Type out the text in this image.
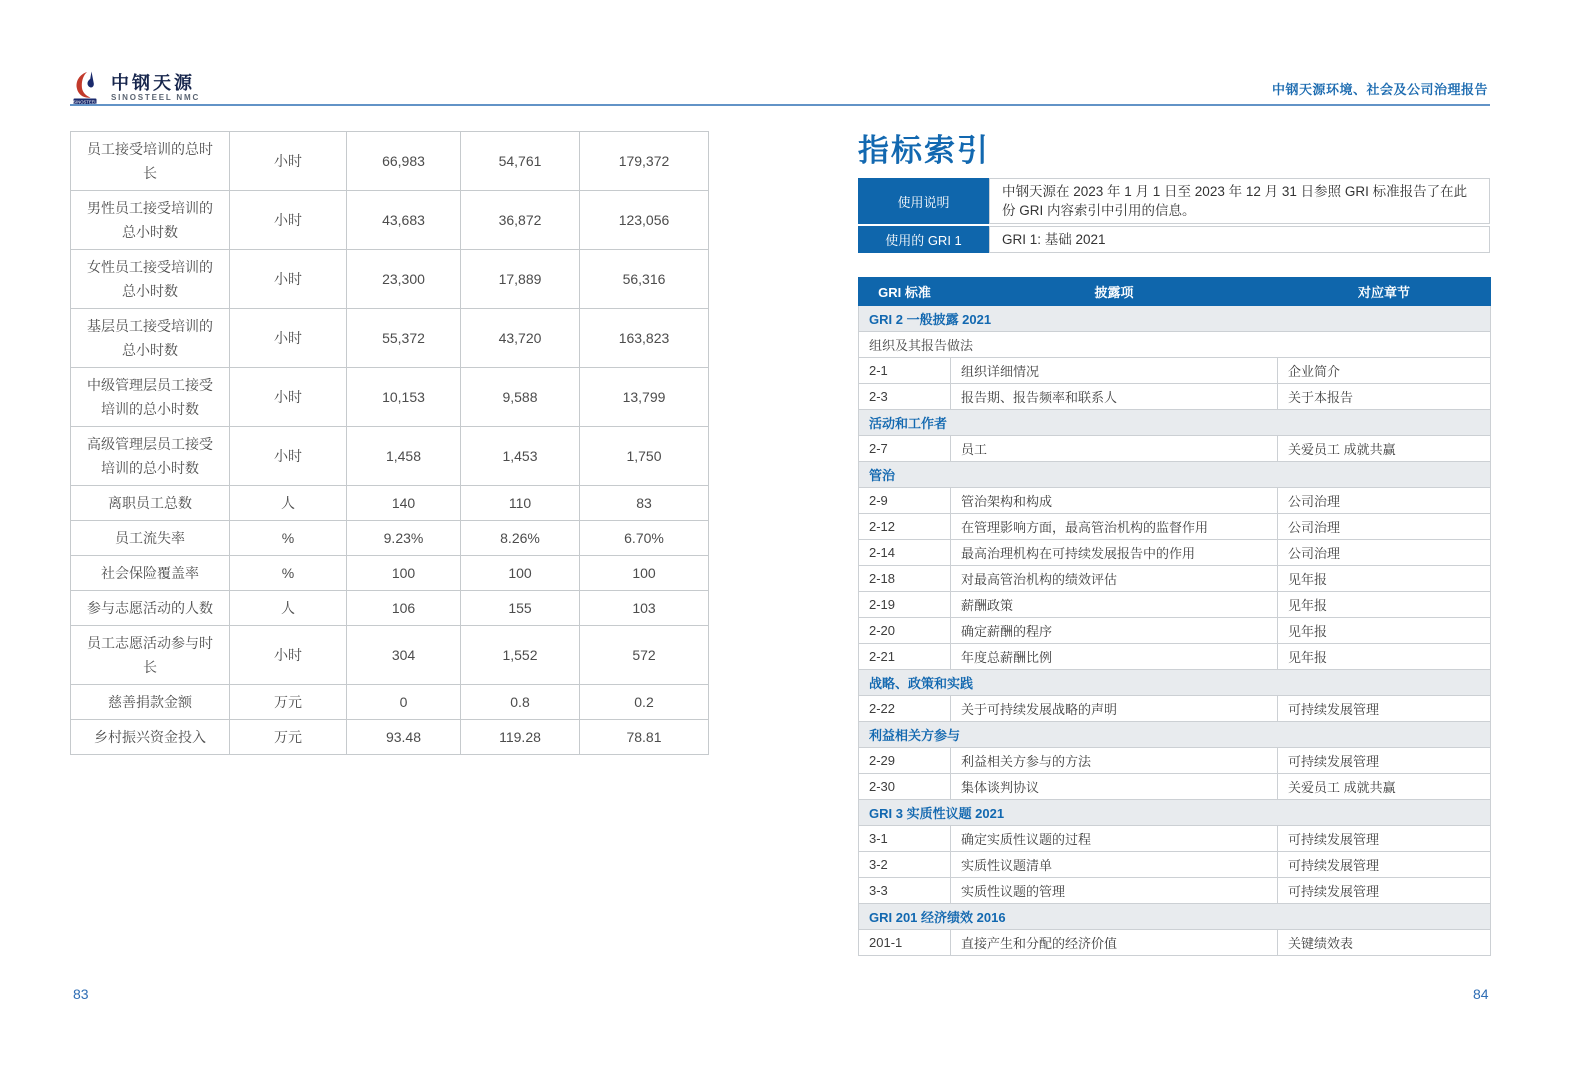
SINOSTEEL
中钢天源
SINOSTEEL NMC
中钢天源环境、社会及公司治理报告
员工接受培训的总时长	小时	66,983	54,761	179,372
男性员工接受培训的总小时数	小时	43,683	36,872	123,056
女性员工接受培训的总小时数	小时	23,300	17,889	56,316
基层员工接受培训的总小时数	小时	55,372	43,720	163,823
中级管理层员工接受培训的总小时数	小时	10,153	9,588	13,799
高级管理层员工接受培训的总小时数	小时	1,458	1,453	1,750
离职员工总数	人	140	110	83
员工流失率	%	9.23%	8.26%	6.70%
社会保险覆盖率	%	100	100	100
参与志愿活动的人数	人	106	155	103
员工志愿活动参与时长	小时	304	1,552	572
慈善捐款金额	万元	0	0.8	0.2
乡村振兴资金投入	万元	93.48	119.28	78.81
83
指标索引
使用说明
中钢天源在 2023 年 1 月 1 日至 2023 年 12 月 31 日参照 GRI 标准报告了在此份 GRI 内容索引中引用的信息。
使用的 GRI 1	GRI 1: 基础 2021
GRI 标准	披露项	对应章节
GRI 2 一般披露 2021		
组织及其报告做法		
2-1	组织详细情况	企业简介
2-3	报告期、报告频率和联系人	关于本报告
活动和工作者		
2-7	员工	关爱员工 成就共赢
管治		
2-9	管治架构和构成	公司治理
2-12	在管理影响方面，最高管治机构的监督作用	公司治理
2-14	最高治理机构在可持续发展报告中的作用	公司治理
2-18	对最高管治机构的绩效评估	见年报
2-19	薪酬政策	见年报
2-20	确定薪酬的程序	见年报
2-21	年度总薪酬比例	见年报
战略、政策和实践		
2-22	关于可持续发展战略的声明	可持续发展管理
利益相关方参与		
2-29	利益相关方参与的方法	可持续发展管理
2-30	集体谈判协议	关爱员工 成就共赢
GRI 3 实质性议题 2021		
3-1	确定实质性议题的过程	可持续发展管理
3-2	实质性议题清单	可持续发展管理
3-3	实质性议题的管理	可持续发展管理
GRI 201 经济绩效 2016		
201-1	直接产生和分配的经济价值	关键绩效表
84
